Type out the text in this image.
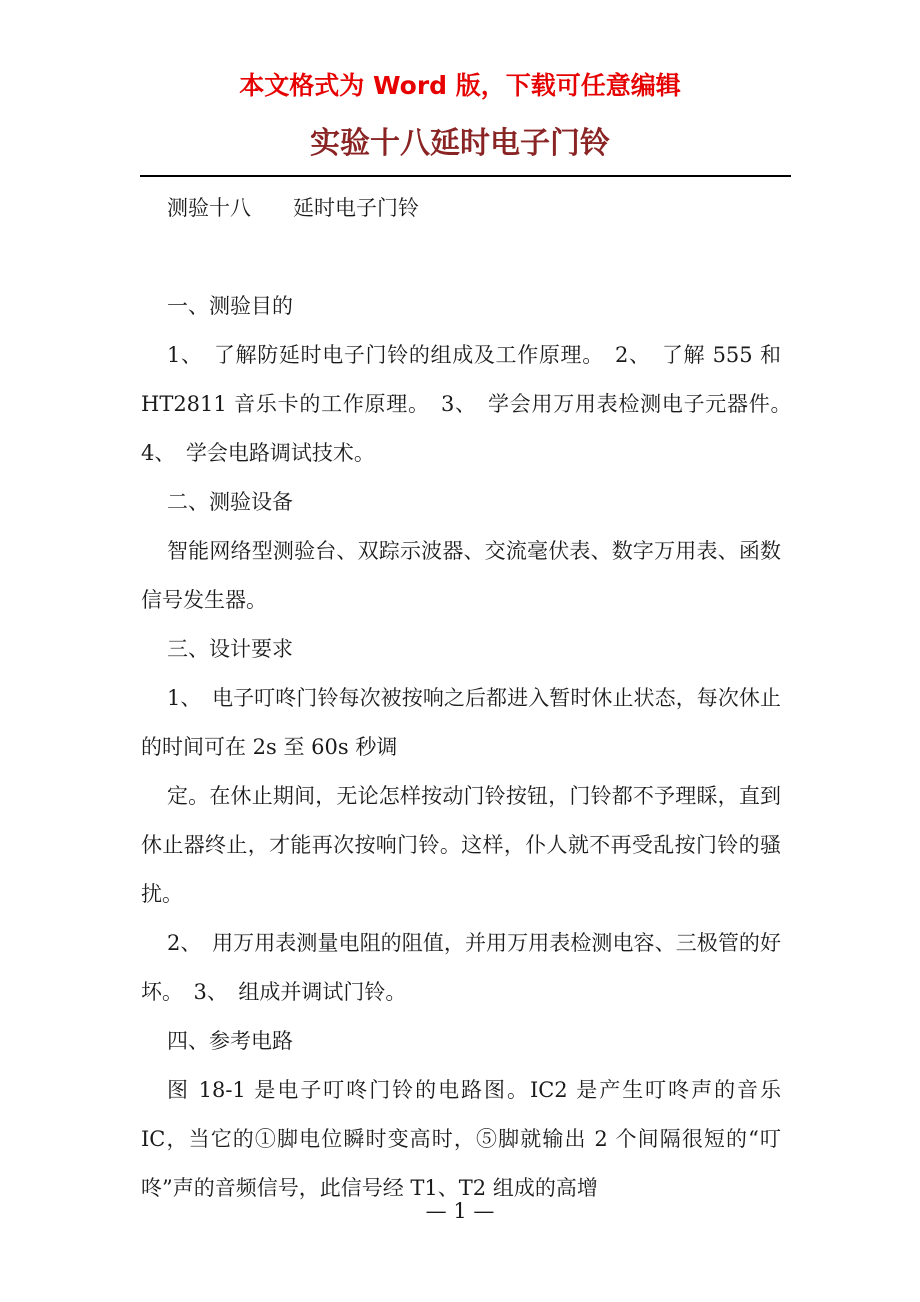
本文格式为 Word 版，下载可任意编辑
实验十八延时电子门铃

测验十八　　延时电子门铃

一、测验目的

1、　了解防延时电子门铃的组成及工作原理。　2、　了解 555 和 HT2811 音乐卡的工作原理。　3、　学会用万用表检测电子元器件。　4、　学会电路调试技术。

二、测验设备

智能网络型测验台、双踪示波器、交流毫伏表、数字万用表、函数信号发生器。

三、设计要求

1、　电子叮咚门铃每次被按响之后都进入暂时休止状态，每次休止的时间可在 2s 至 60s 秒调

定。在休止期间，无论怎样按动门铃按钮，门铃都不予理睬，直到休止器终止，才能再次按响门铃。这样，仆人就不再受乱按门铃的骚扰。

2、　用万用表测量电阻的阻值，并用万用表检测电容、三极管的好坏。　3、　组成并调试门铃。

四、参考电路

图 18-1 是电子叮咚门铃的电路图。IC2 是产生叮咚声的音乐 IC，当它的①脚电位瞬时变高时，⑤脚就输出 2 个间隔很短的“叮咚”声的音频信号，此信号经 T1、T2 组成的高增

— 1 —
